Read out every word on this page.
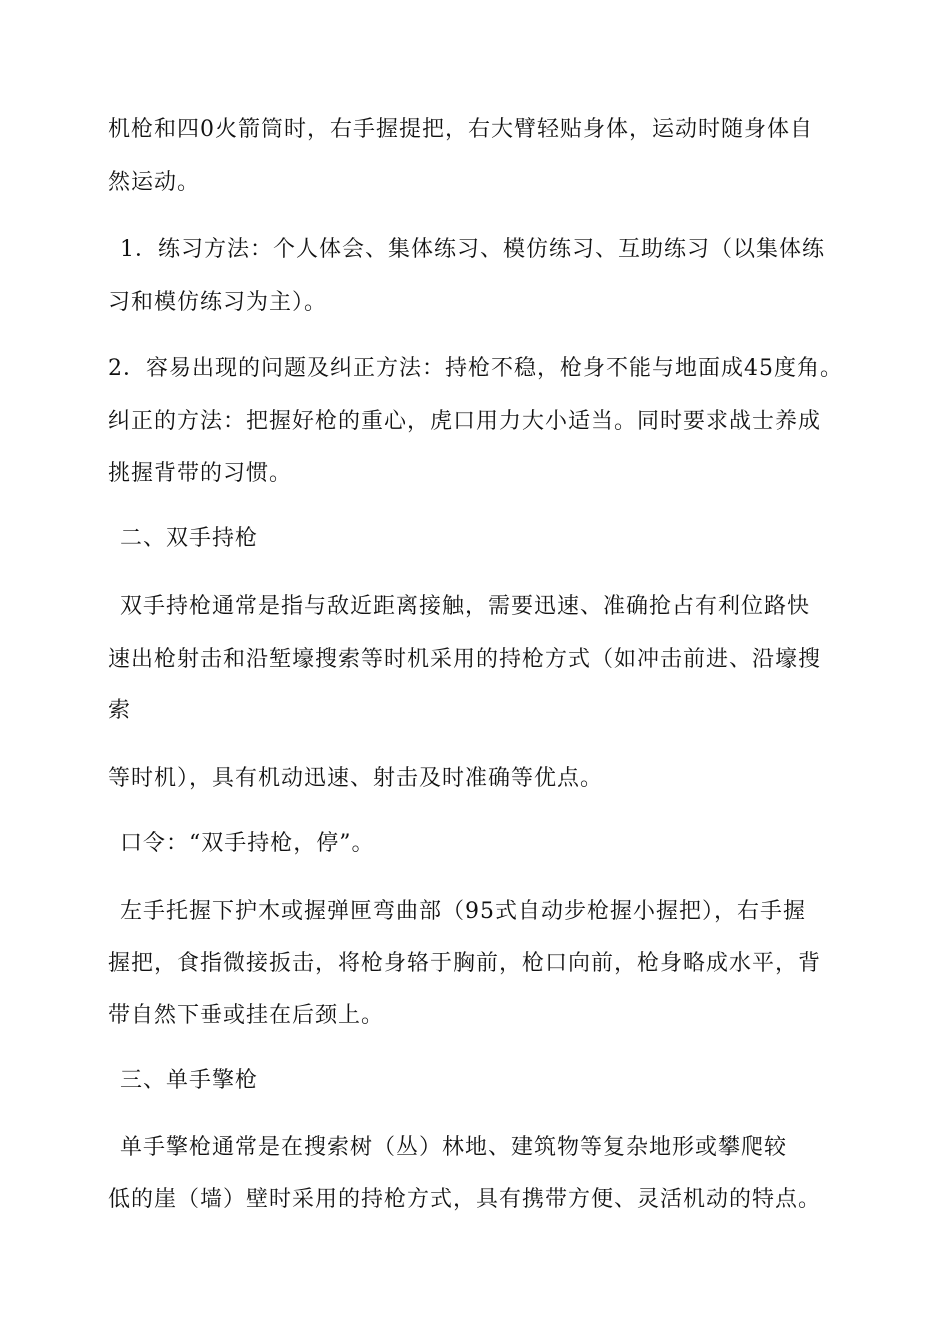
机枪和四0火箭筒时，右手握提把，右大臂轻贴身体，运动时随身体自
然运动。
1．练习方法：个人体会、集体练习、模仿练习、互助练习（以集体练
习和模仿练习为主）。
2．容易出现的问题及纠正方法：持枪不稳，枪身不能与地面成45度角。
纠正的方法：把握好枪的重心，虎口用力大小适当。同时要求战士养成
挑握背带的习惯。
二、双手持枪
双手持枪通常是指与敌近距离接触，需要迅速、准确抢占有利位路快
速出枪射击和沿堑壕搜索等时机采用的持枪方式（如冲击前进、沿壕搜
索
等时机），具有机动迅速、射击及时准确等优点。
口令：“双手持枪，停”。
左手托握下护木或握弹匣弯曲部（95式自动步枪握小握把），右手握
握把，食指微接扳击，将枪身辂于胸前，枪口向前，枪身略成水平，背
带自然下垂或挂在后颈上。
三、单手擎枪
单手擎枪通常是在搜索树（丛）林地、建筑物等复杂地形或攀爬较
低的崖（墙）壁时采用的持枪方式，具有携带方便、灵活机动的特点。
